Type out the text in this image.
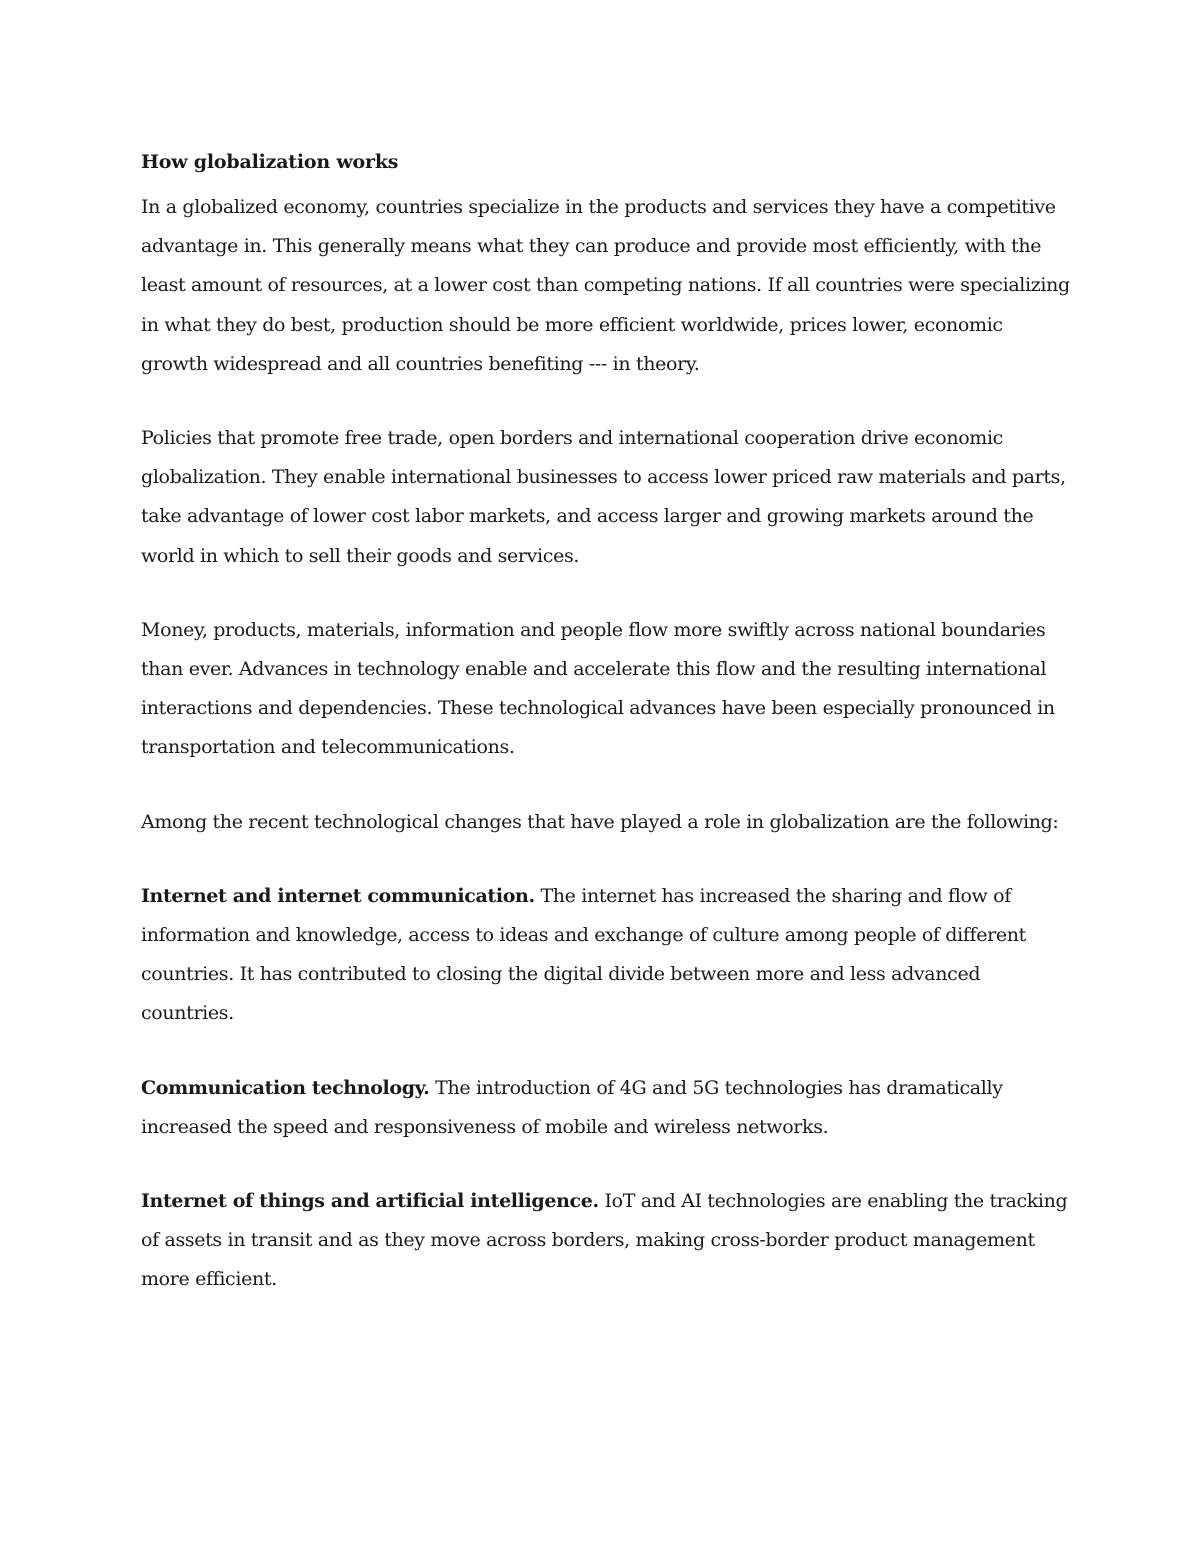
How globalization works

In a globalized economy, countries specialize in the products and services they have a competitive advantage in. This generally means what they can produce and provide most efficiently, with the least amount of resources, at a lower cost than competing nations. If all countries were specializing in what they do best, production should be more efficient worldwide, prices lower, economic growth widespread and all countries benefiting --- in theory.

Policies that promote free trade, open borders and international cooperation drive economic globalization. They enable international businesses to access lower priced raw materials and parts, take advantage of lower cost labor markets, and access larger and growing markets around the world in which to sell their goods and services.

Money, products, materials, information and people flow more swiftly across national boundaries than ever. Advances in technology enable and accelerate this flow and the resulting international interactions and dependencies. These technological advances have been especially pronounced in transportation and telecommunications.

Among the recent technological changes that have played a role in globalization are the following:

Internet and internet communication. The internet has increased the sharing and flow of information and knowledge, access to ideas and exchange of culture among people of different countries. It has contributed to closing the digital divide between more and less advanced countries.

Communication technology. The introduction of 4G and 5G technologies has dramatically increased the speed and responsiveness of mobile and wireless networks.

Internet of things and artificial intelligence. IoT and AI technologies are enabling the tracking of assets in transit and as they move across borders, making cross-border product management more efficient.
